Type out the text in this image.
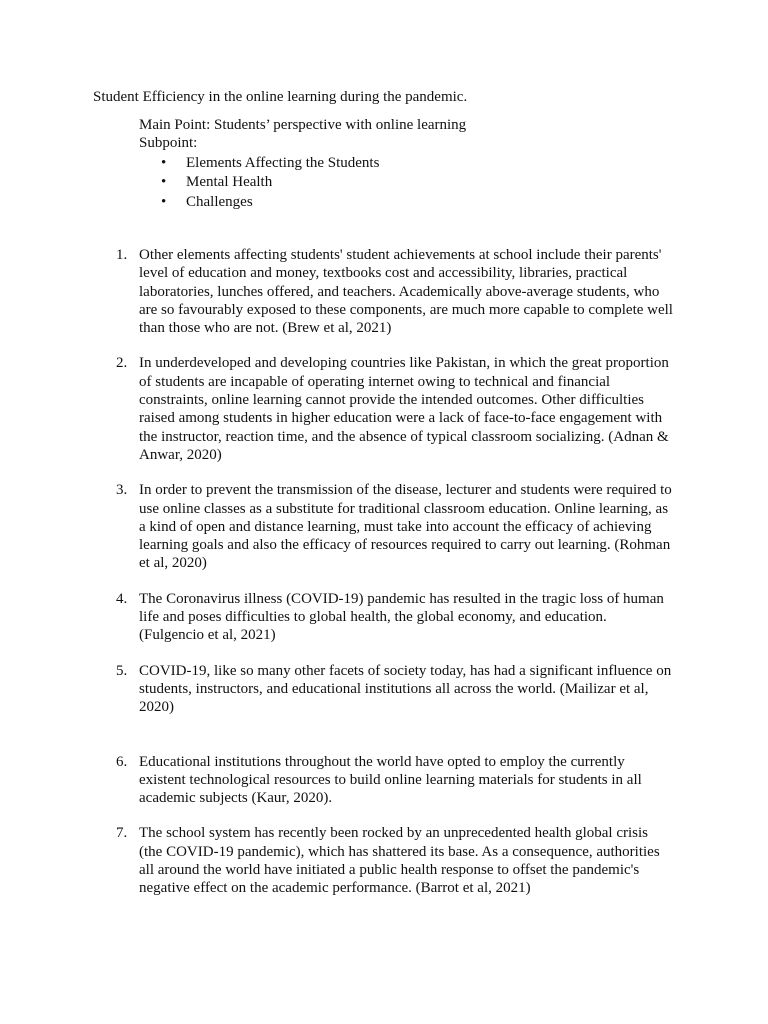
Student Efficiency in the online learning during the pandemic.

Main Point: Students’ perspective with online learning

Subpoint:

• Elements Affecting the Students
• Mental Health
• Challenges
1. Other elements affecting students' student achievements at school include their parents' level of education and money, textbooks cost and accessibility, libraries, practical laboratories, lunches offered, and teachers. Academically above-average students, who are so favourably exposed to these components, are much more capable to complete well than those who are not. (Brew et al, 2021)
2. In underdeveloped and developing countries like Pakistan, in which the great proportion of students are incapable of operating internet owing to technical and financial constraints, online learning cannot provide the intended outcomes. Other difficulties raised among students in higher education were a lack of face-to-face engagement with the instructor, reaction time, and the absence of typical classroom socializing. (Adnan & Anwar, 2020)
3. In order to prevent the transmission of the disease, lecturer and students were required to use online classes as a substitute for traditional classroom education. Online learning, as a kind of open and distance learning, must take into account the efficacy of achieving learning goals and also the efficacy of resources required to carry out learning. (Rohman et al, 2020)
4. The Coronavirus illness (COVID-19) pandemic has resulted in the tragic loss of human life and poses difficulties to global health, the global economy, and education. (Fulgencio et al, 2021)
5. COVID-19, like so many other facets of society today, has had a significant influence on students, instructors, and educational institutions all across the world. (Mailizar et al, 2020)
6. Educational institutions throughout the world have opted to employ the currently existent technological resources to build online learning materials for students in all academic subjects (Kaur, 2020).
7. The school system has recently been rocked by an unprecedented health global crisis (the COVID-19 pandemic), which has shattered its base. As a consequence, authorities all around the world have initiated a public health response to offset the pandemic's negative effect on the academic performance. (Barrot et al, 2021)
